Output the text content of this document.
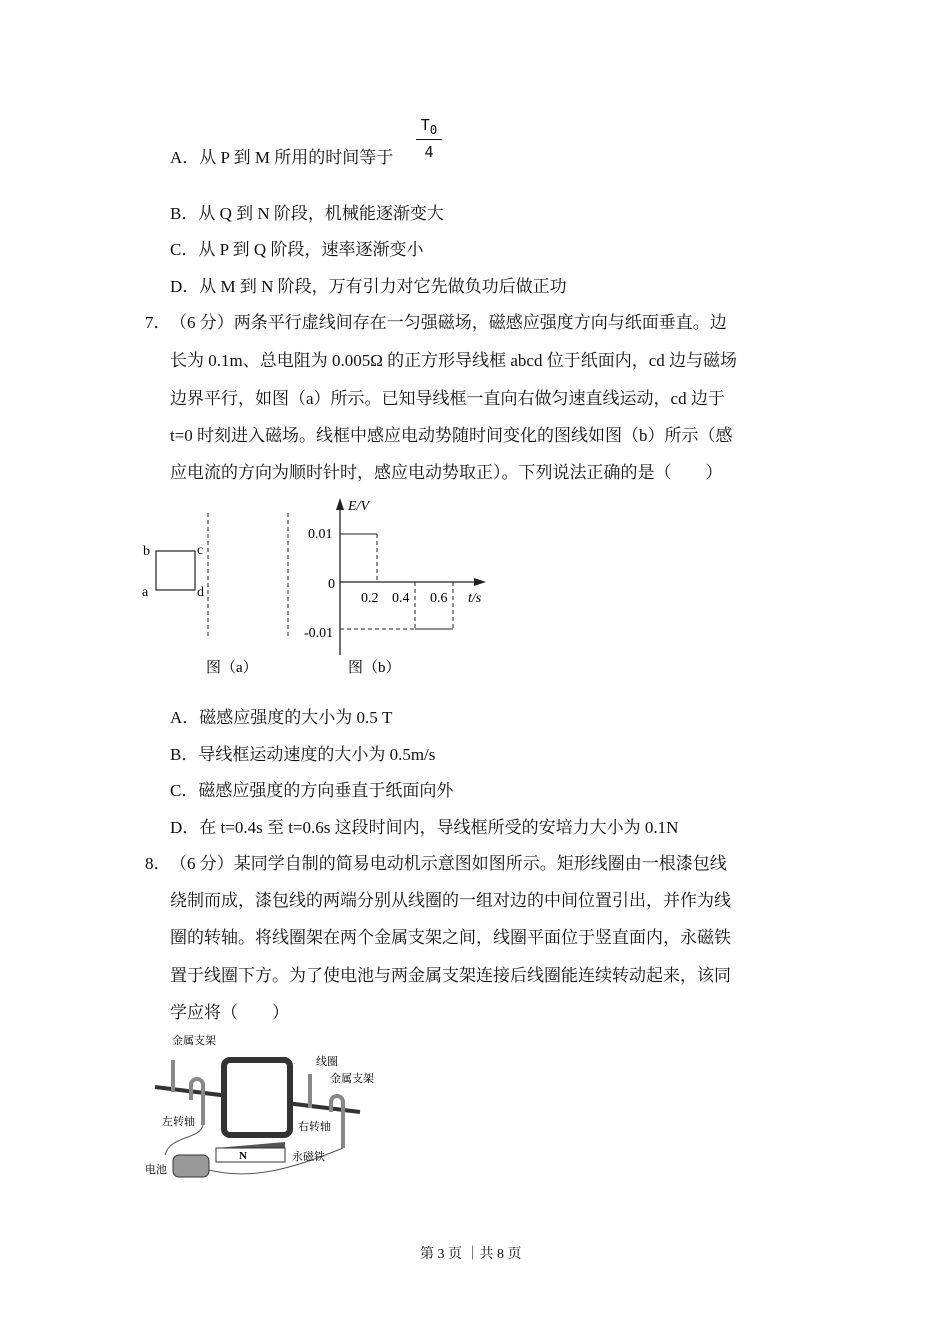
A．从 P 到 M 所用的时间等于
$T_0$
4
B．从 Q 到 N 阶段，机械能逐渐变大
C．从 P 到 Q 阶段，速率逐渐变小
D．从 M 到 N 阶段，万有引力对它先做负功后做正功
7． （6 分）两条平行虚线间存在一匀强磁场，磁感应强度方向与纸面垂直。边
长为 0.1m、总电阻为 0.005Ω 的正方形导线框 abcd 位于纸面内，cd 边与磁场
边界平行，如图（a）所示。已知导线框一直向右做匀速直线运动，cd 边于
t=0 时刻进入磁场。线框中感应电动势随时间变化的图线如图（b）所示（感
应电流的方向为顺时针时，感应电动势取正）。下列说法正确的是（　　）
b	c
a	d
图（a）
E/V
t/s
0.01
0
-0.01
0.2 0.4 0.6
图（b）
A．磁感应强度的大小为 0.5 T
B．导线框运动速度的大小为 0.5m/s
C．磁感应强度的方向垂直于纸面向外
D．在 t=0.4s 至 t=0.6s 这段时间内，导线框所受的安培力大小为 0.1N
8． （6 分）某同学自制的简易电动机示意图如图所示。矩形线圈由一根漆包线
绕制而成，漆包线的两端分别从线圈的一组对边的中间位置引出，并作为线
圈的转轴。将线圈架在两个金属支架之间，线圈平面位于竖直面内，永磁铁
置于线圈下方。为了使电池与两金属支架连接后线圈能连续转动起来，该同
学应将（　　）
N
金属支架
线圈
金属支架
左转轴	右转轴
永磁铁
电池
第 3 页 ｜共 8 页
